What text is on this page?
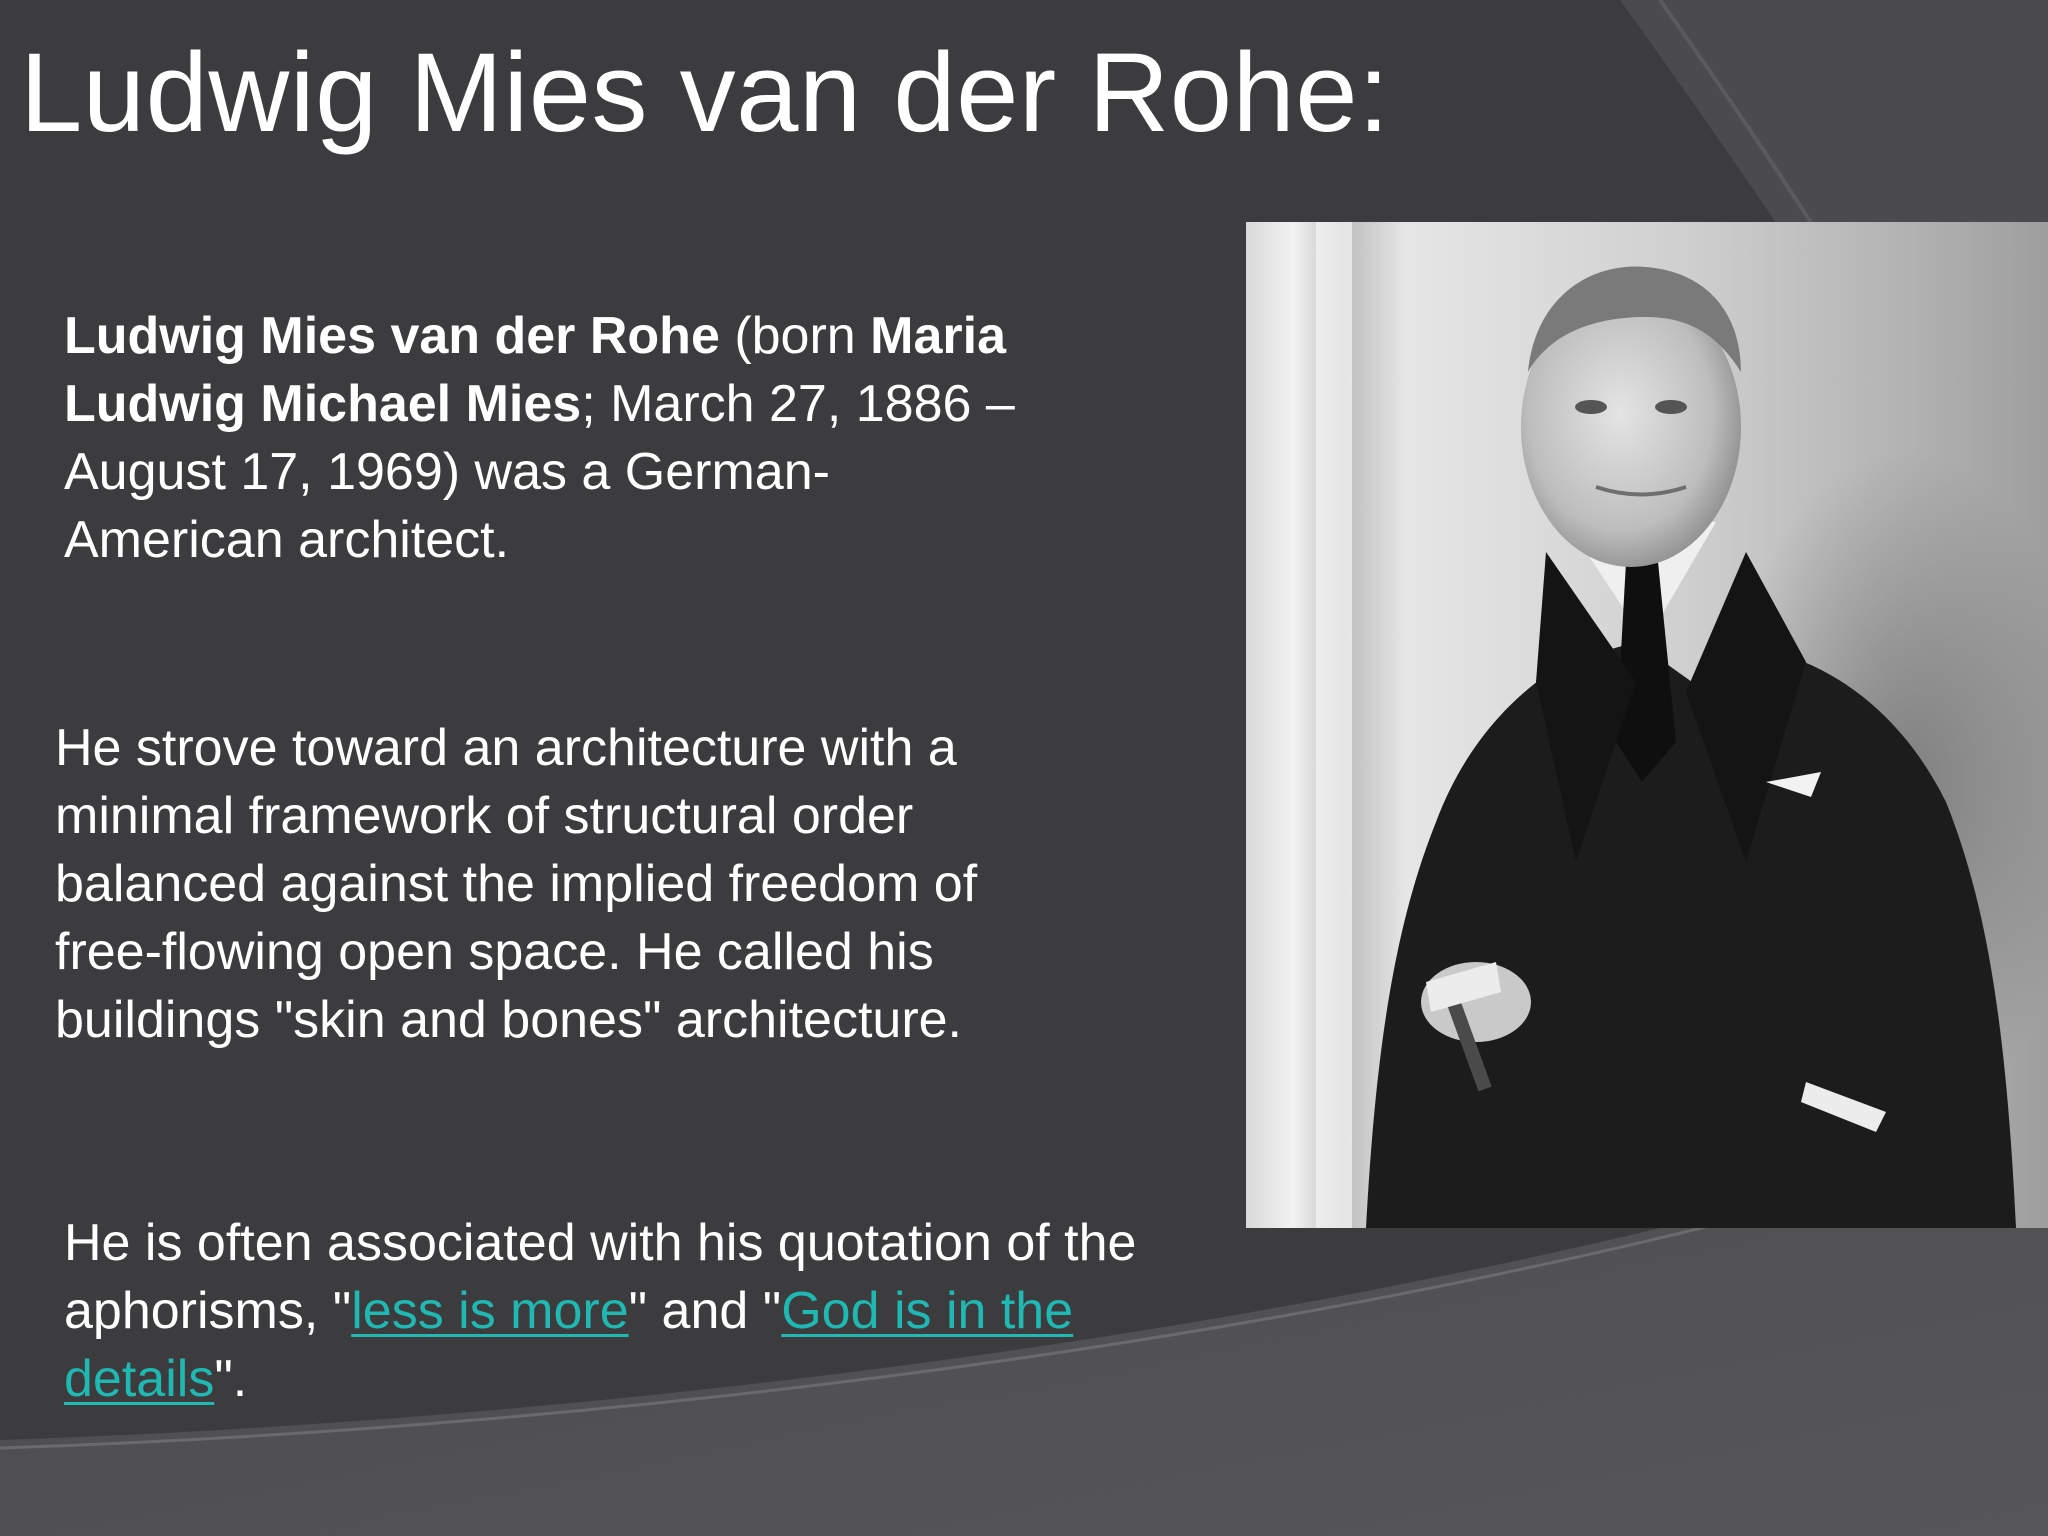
Ludwig Mies van der Rohe:

Ludwig Mies van der Rohe (born Maria Ludwig Michael Mies; March 27, 1886 – August 17, 1969) was a German-American architect.

He strove toward an architecture with a minimal framework of structural order balanced against the implied freedom of free-flowing open space. He called his buildings "skin and bones" architecture.

He is often associated with his quotation of the aphorisms, "less is more" and "God is in the details".
